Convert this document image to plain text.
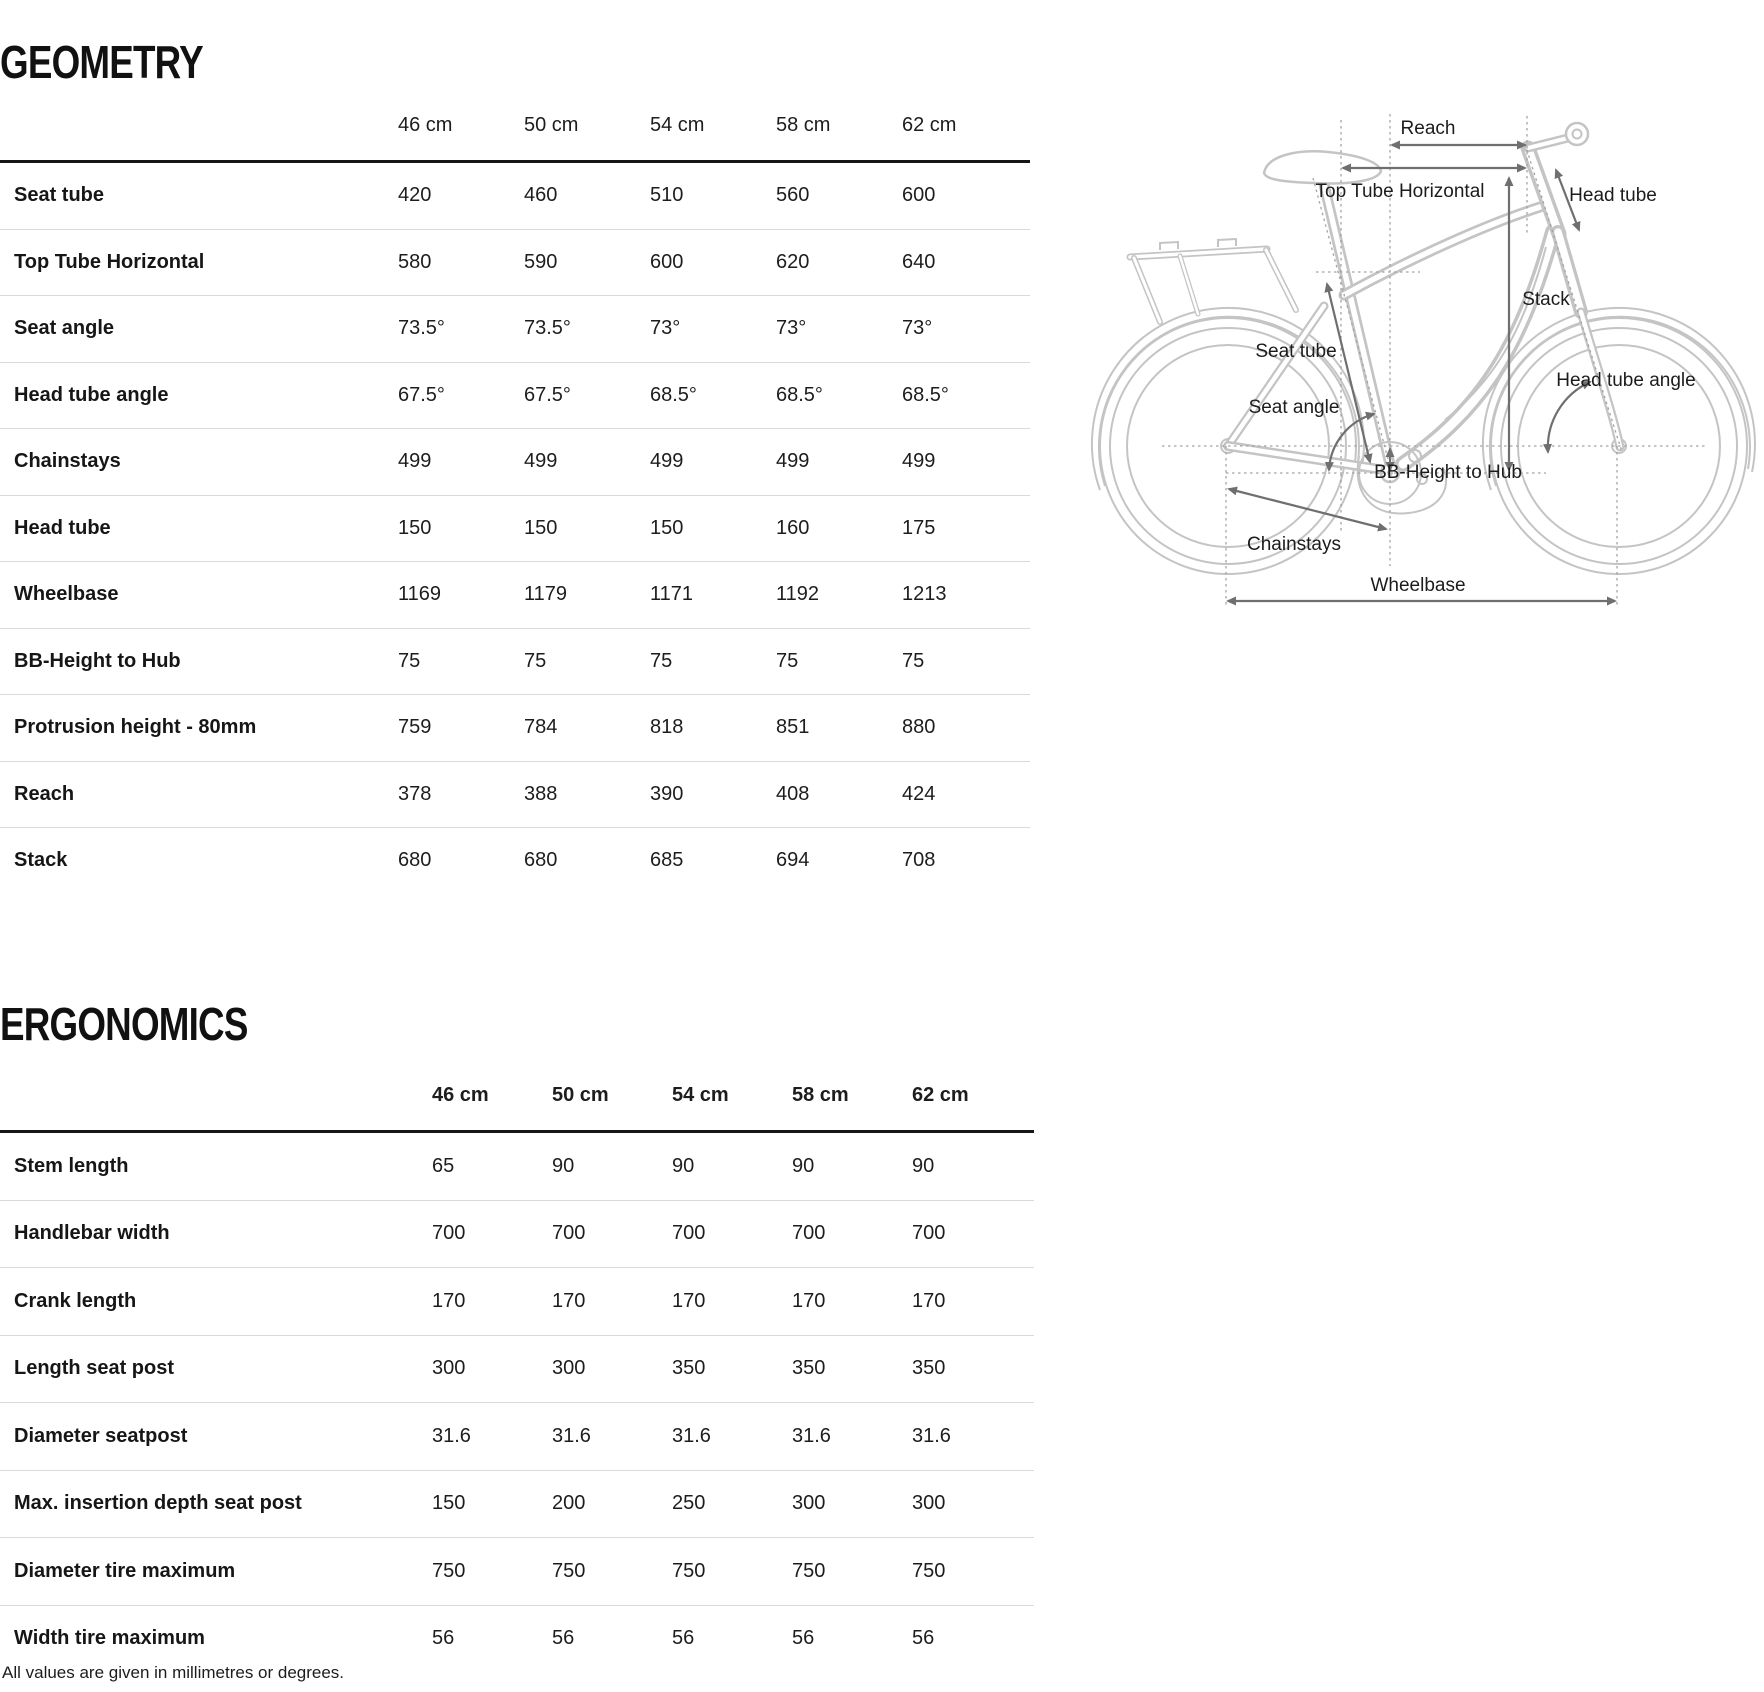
GEOMETRY
46 cm	50 cm	54 cm	58 cm	62 cm
Seat tube	420	460	510	560	600
Top Tube Horizontal	580	590	600	620	640
Seat angle	73.5°	73.5°	73°	73°	73°
Head tube angle	67.5°	67.5°	68.5°	68.5°	68.5°
Chainstays	499	499	499	499	499
Head tube	150	150	150	160	175
Wheelbase	1169	1179	1171	1192	1213
BB-Height to Hub	75	75	75	75	75
Protrusion height - 80mm	759	784	818	851	880
Reach	378	388	390	408	424
Stack	680	680	685	694	708
Reach
Top Tube Horizontal	Head tube
Stack
Seat tube
Seat angle
Head tube angle
BB-Height to Hub
Chainstays
Wheelbase
ERGONOMICS
46 cm	50 cm	54 cm	58 cm	62 cm
Stem length	65	90	90	90	90
Handlebar width	700	700	700	700	700
Crank length	170	170	170	170	170
Length seat post	300	300	350	350	350
Diameter seatpost	31.6	31.6	31.6	31.6	31.6
Max. insertion depth seat post	150	200	250	300	300
Diameter tire maximum	750	750	750	750	750
Width tire maximum	56	56	56	56	56
All values are given in millimetres or degrees.
